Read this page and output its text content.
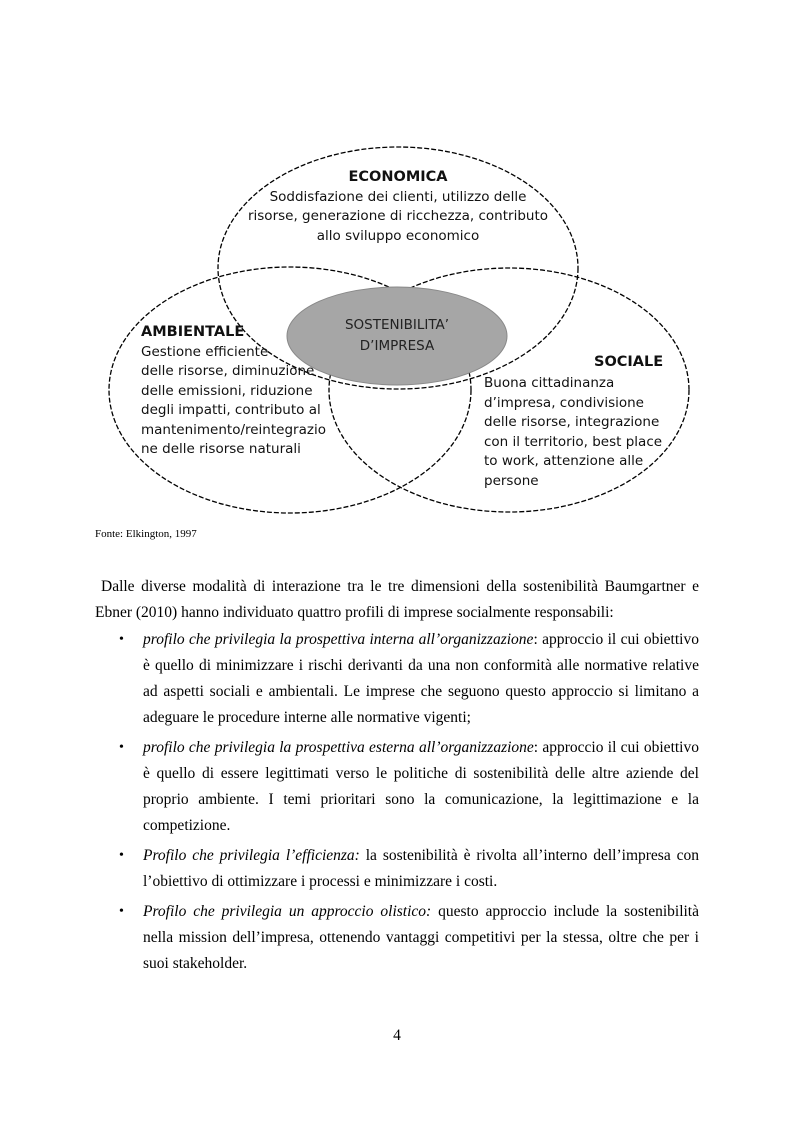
ECONOMICA
Soddisfazione dei clienti, utilizzo delle
risorse, generazione di ricchezza, contributo
allo sviluppo economico
AMBIENTALE
Gestione efficiente
delle risorse, diminuzione
delle emissioni, riduzione
degli impatti, contributo al
mantenimento/reintegrazio
ne delle risorse naturali
SOCIALE
Buona cittadinanza
d’impresa, condivisione
delle risorse, integrazione
con il territorio, best place
to work, attenzione alle
persone
SOSTENIBILITA’
D’IMPRESA
Fonte: Elkington, 1997
Dalle diverse modalità di interazione tra le tre dimensioni della sostenibilità Baumgartner e Ebner (2010) hanno individuato quattro profili di imprese socialmente responsabili:
• profilo che privilegia la prospettiva interna all’organizzazione: approccio il cui obiettivo è quello di minimizzare i rischi derivanti da una non conformità alle normative relative ad aspetti sociali e ambientali. Le imprese che seguono questo approccio si limitano a adeguare le procedure interne alle normative vigenti;
• profilo che privilegia la prospettiva esterna all’organizzazione: approccio il cui obiettivo è quello di essere legittimati verso le politiche di sostenibilità delle altre aziende del proprio ambiente. I temi prioritari sono la comunicazione, la legittimazione e la competizione.
• Profilo che privilegia l’efficienza: la sostenibilità è rivolta all’interno dell’impresa con l’obiettivo di ottimizzare i processi e minimizzare i costi.
• Profilo che privilegia un approccio olistico: questo approccio include la sostenibilità nella mission dell’impresa, ottenendo vantaggi competitivi per la stessa, oltre che per i suoi stakeholder.
4
